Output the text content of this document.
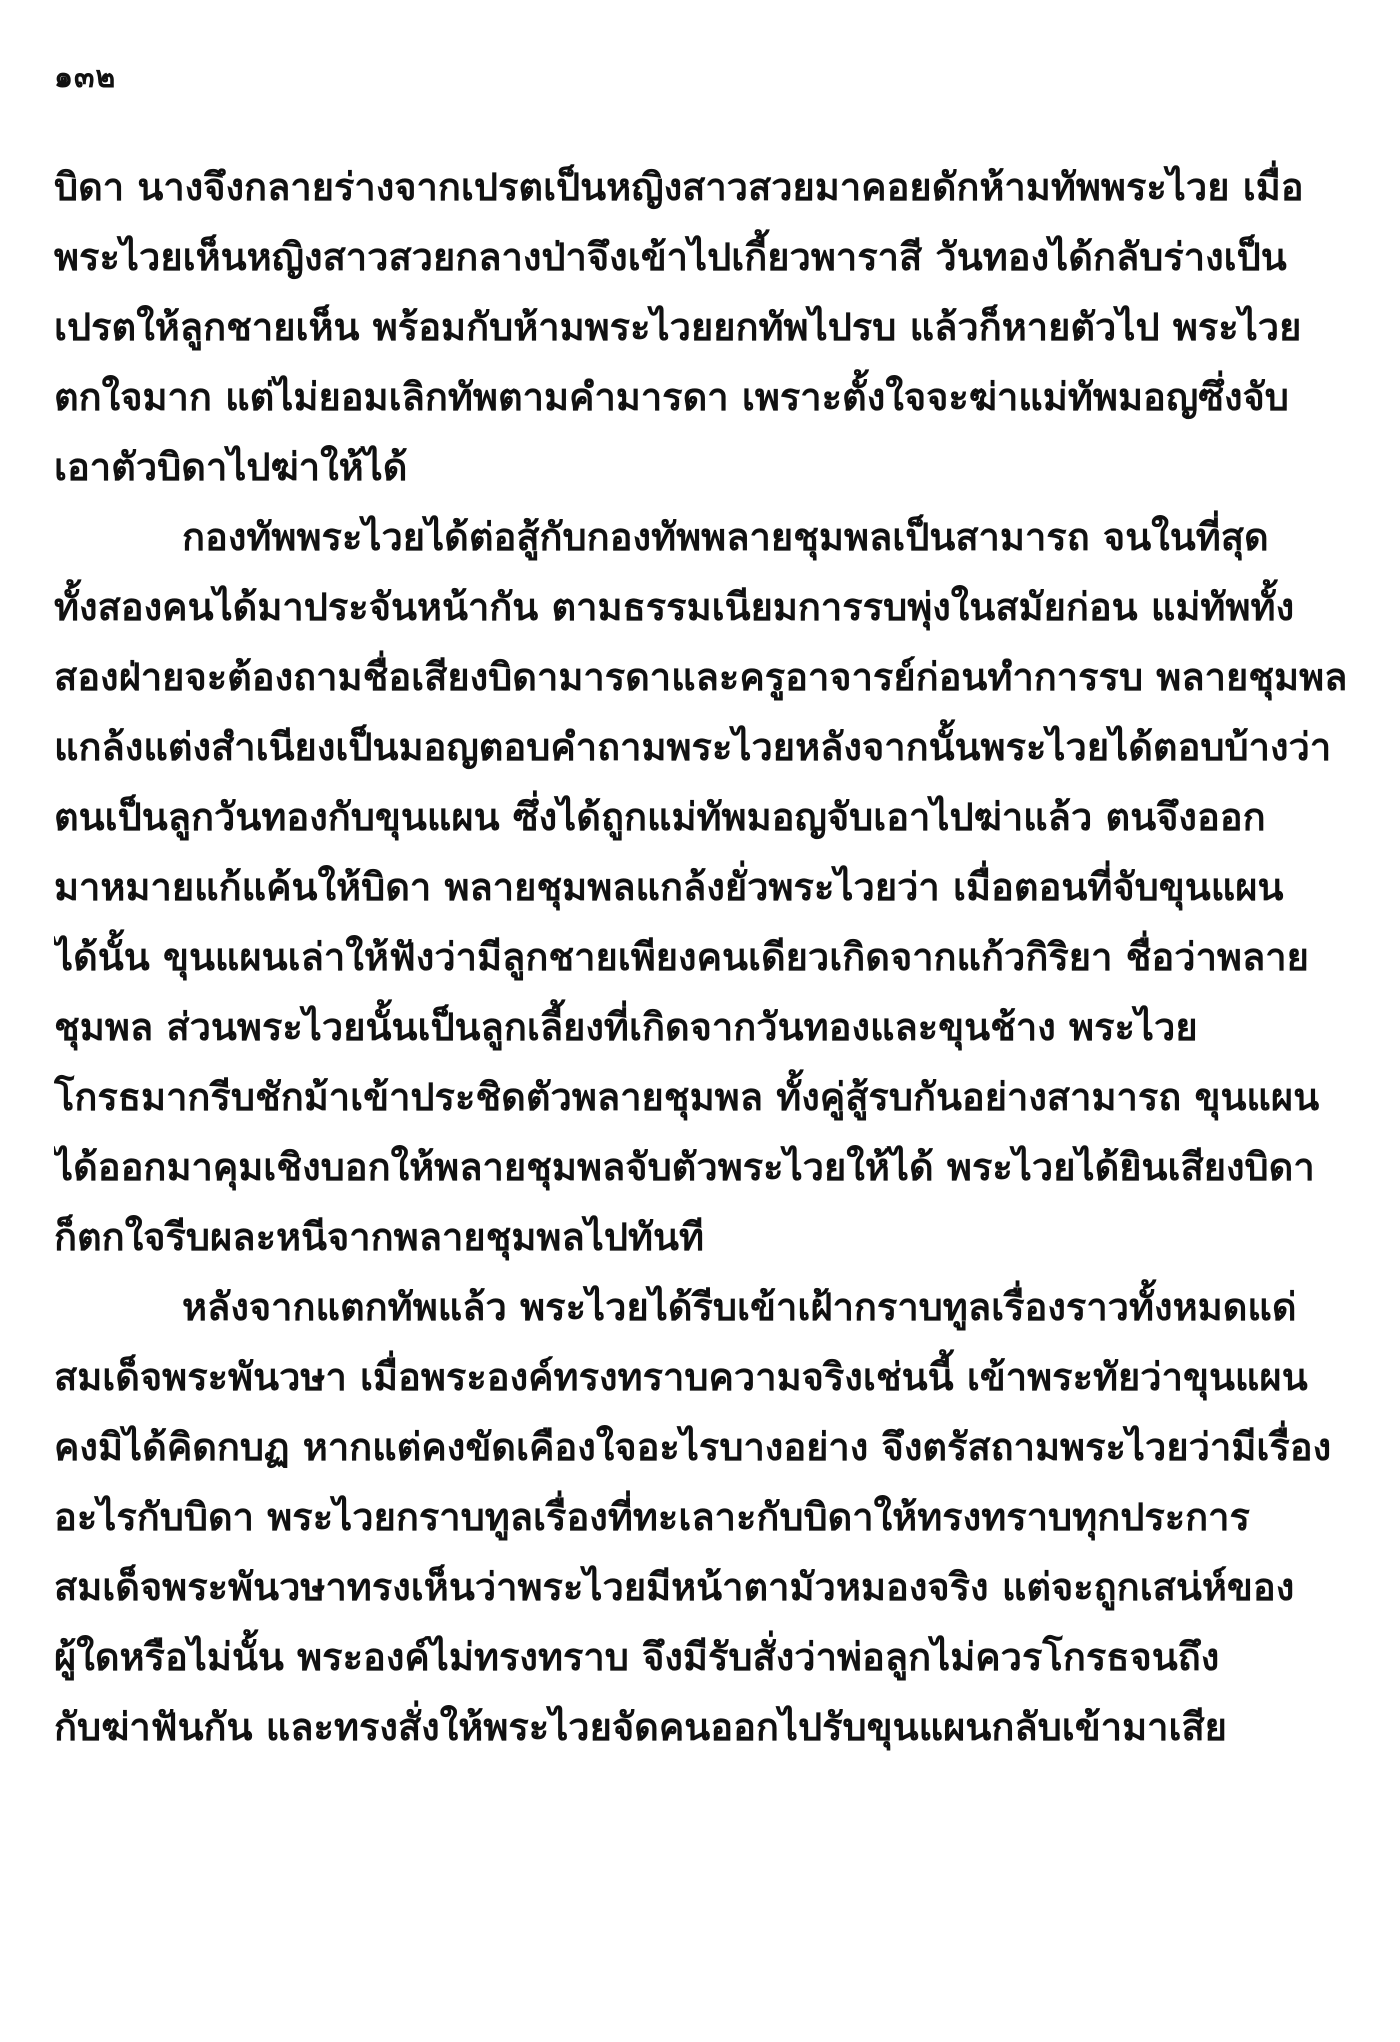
๑๓๒
บิดา นางจึงกลายร่างจากเปรตเป็นหญิงสาวสวยมาคอยดักห้ามทัพพระไวย เมื่อ
พระไวยเห็นหญิงสาวสวยกลางป่าจึงเข้าไปเกี้ยวพาราสี วันทองได้กลับร่างเป็น
เปรตให้ลูกชายเห็น พร้อมกับห้ามพระไวยยกทัพไปรบ แล้วก็หายตัวไป พระไวย
ตกใจมาก แต่ไม่ยอมเลิกทัพตามคำมารดา เพราะตั้งใจจะฆ่าแม่ทัพมอญซึ่งจับ
เอาตัวบิดาไปฆ่าให้ได้
กองทัพพระไวยได้ต่อสู้กับกองทัพพลายชุมพลเป็นสามารถ จนในที่สุด
ทั้งสองคนได้มาประจันหน้ากัน ตามธรรมเนียมการรบพุ่งในสมัยก่อน แม่ทัพทั้ง
สองฝ่ายจะต้องถามชื่อเสียงบิดามารดาและครูอาจารย์ก่อนทำการรบ พลายชุมพล
แกล้งแต่งสำเนียงเป็นมอญตอบคำถามพระไวยหลังจากนั้นพระไวยได้ตอบบ้างว่า
ตนเป็นลูกวันทองกับขุนแผน ซึ่งได้ถูกแม่ทัพมอญจับเอาไปฆ่าแล้ว ตนจึงออก
มาหมายแก้แค้นให้บิดา พลายชุมพลแกล้งยั่วพระไวยว่า เมื่อตอนที่จับขุนแผน
ได้นั้น ขุนแผนเล่าให้ฟังว่ามีลูกชายเพียงคนเดียวเกิดจากแก้วกิริยา ชื่อว่าพลาย
ชุมพล ส่วนพระไวยนั้นเป็นลูกเลี้ยงที่เกิดจากวันทองและขุนช้าง พระไวย
โกรธมากรีบชักม้าเข้าประชิดตัวพลายชุมพล ทั้งคู่สู้รบกันอย่างสามารถ ขุนแผน
ได้ออกมาคุมเชิงบอกให้พลายชุมพลจับตัวพระไวยให้ได้ พระไวยได้ยินเสียงบิดา
ก็ตกใจรีบผละหนีจากพลายชุมพลไปทันที
หลังจากแตกทัพแล้ว พระไวยได้รีบเข้าเฝ้ากราบทูลเรื่องราวทั้งหมดแด่
สมเด็จพระพันวษา เมื่อพระองค์ทรงทราบความจริงเช่นนี้ เข้าพระทัยว่าขุนแผน
คงมิได้คิดกบฏ หากแต่คงขัดเคืองใจอะไรบางอย่าง จึงตรัสถามพระไวยว่ามีเรื่อง
อะไรกับบิดา พระไวยกราบทูลเรื่องที่ทะเลาะกับบิดาให้ทรงทราบทุกประการ
สมเด็จพระพันวษาทรงเห็นว่าพระไวยมีหน้าตามัวหมองจริง แต่จะถูกเสน่ห์ของ
ผู้ใดหรือไม่นั้น พระองค์ไม่ทรงทราบ จึงมีรับสั่งว่าพ่อลูกไม่ควรโกรธจนถึง
กับฆ่าฟันกัน และทรงสั่งให้พระไวยจัดคนออกไปรับขุนแผนกลับเข้ามาเสีย
